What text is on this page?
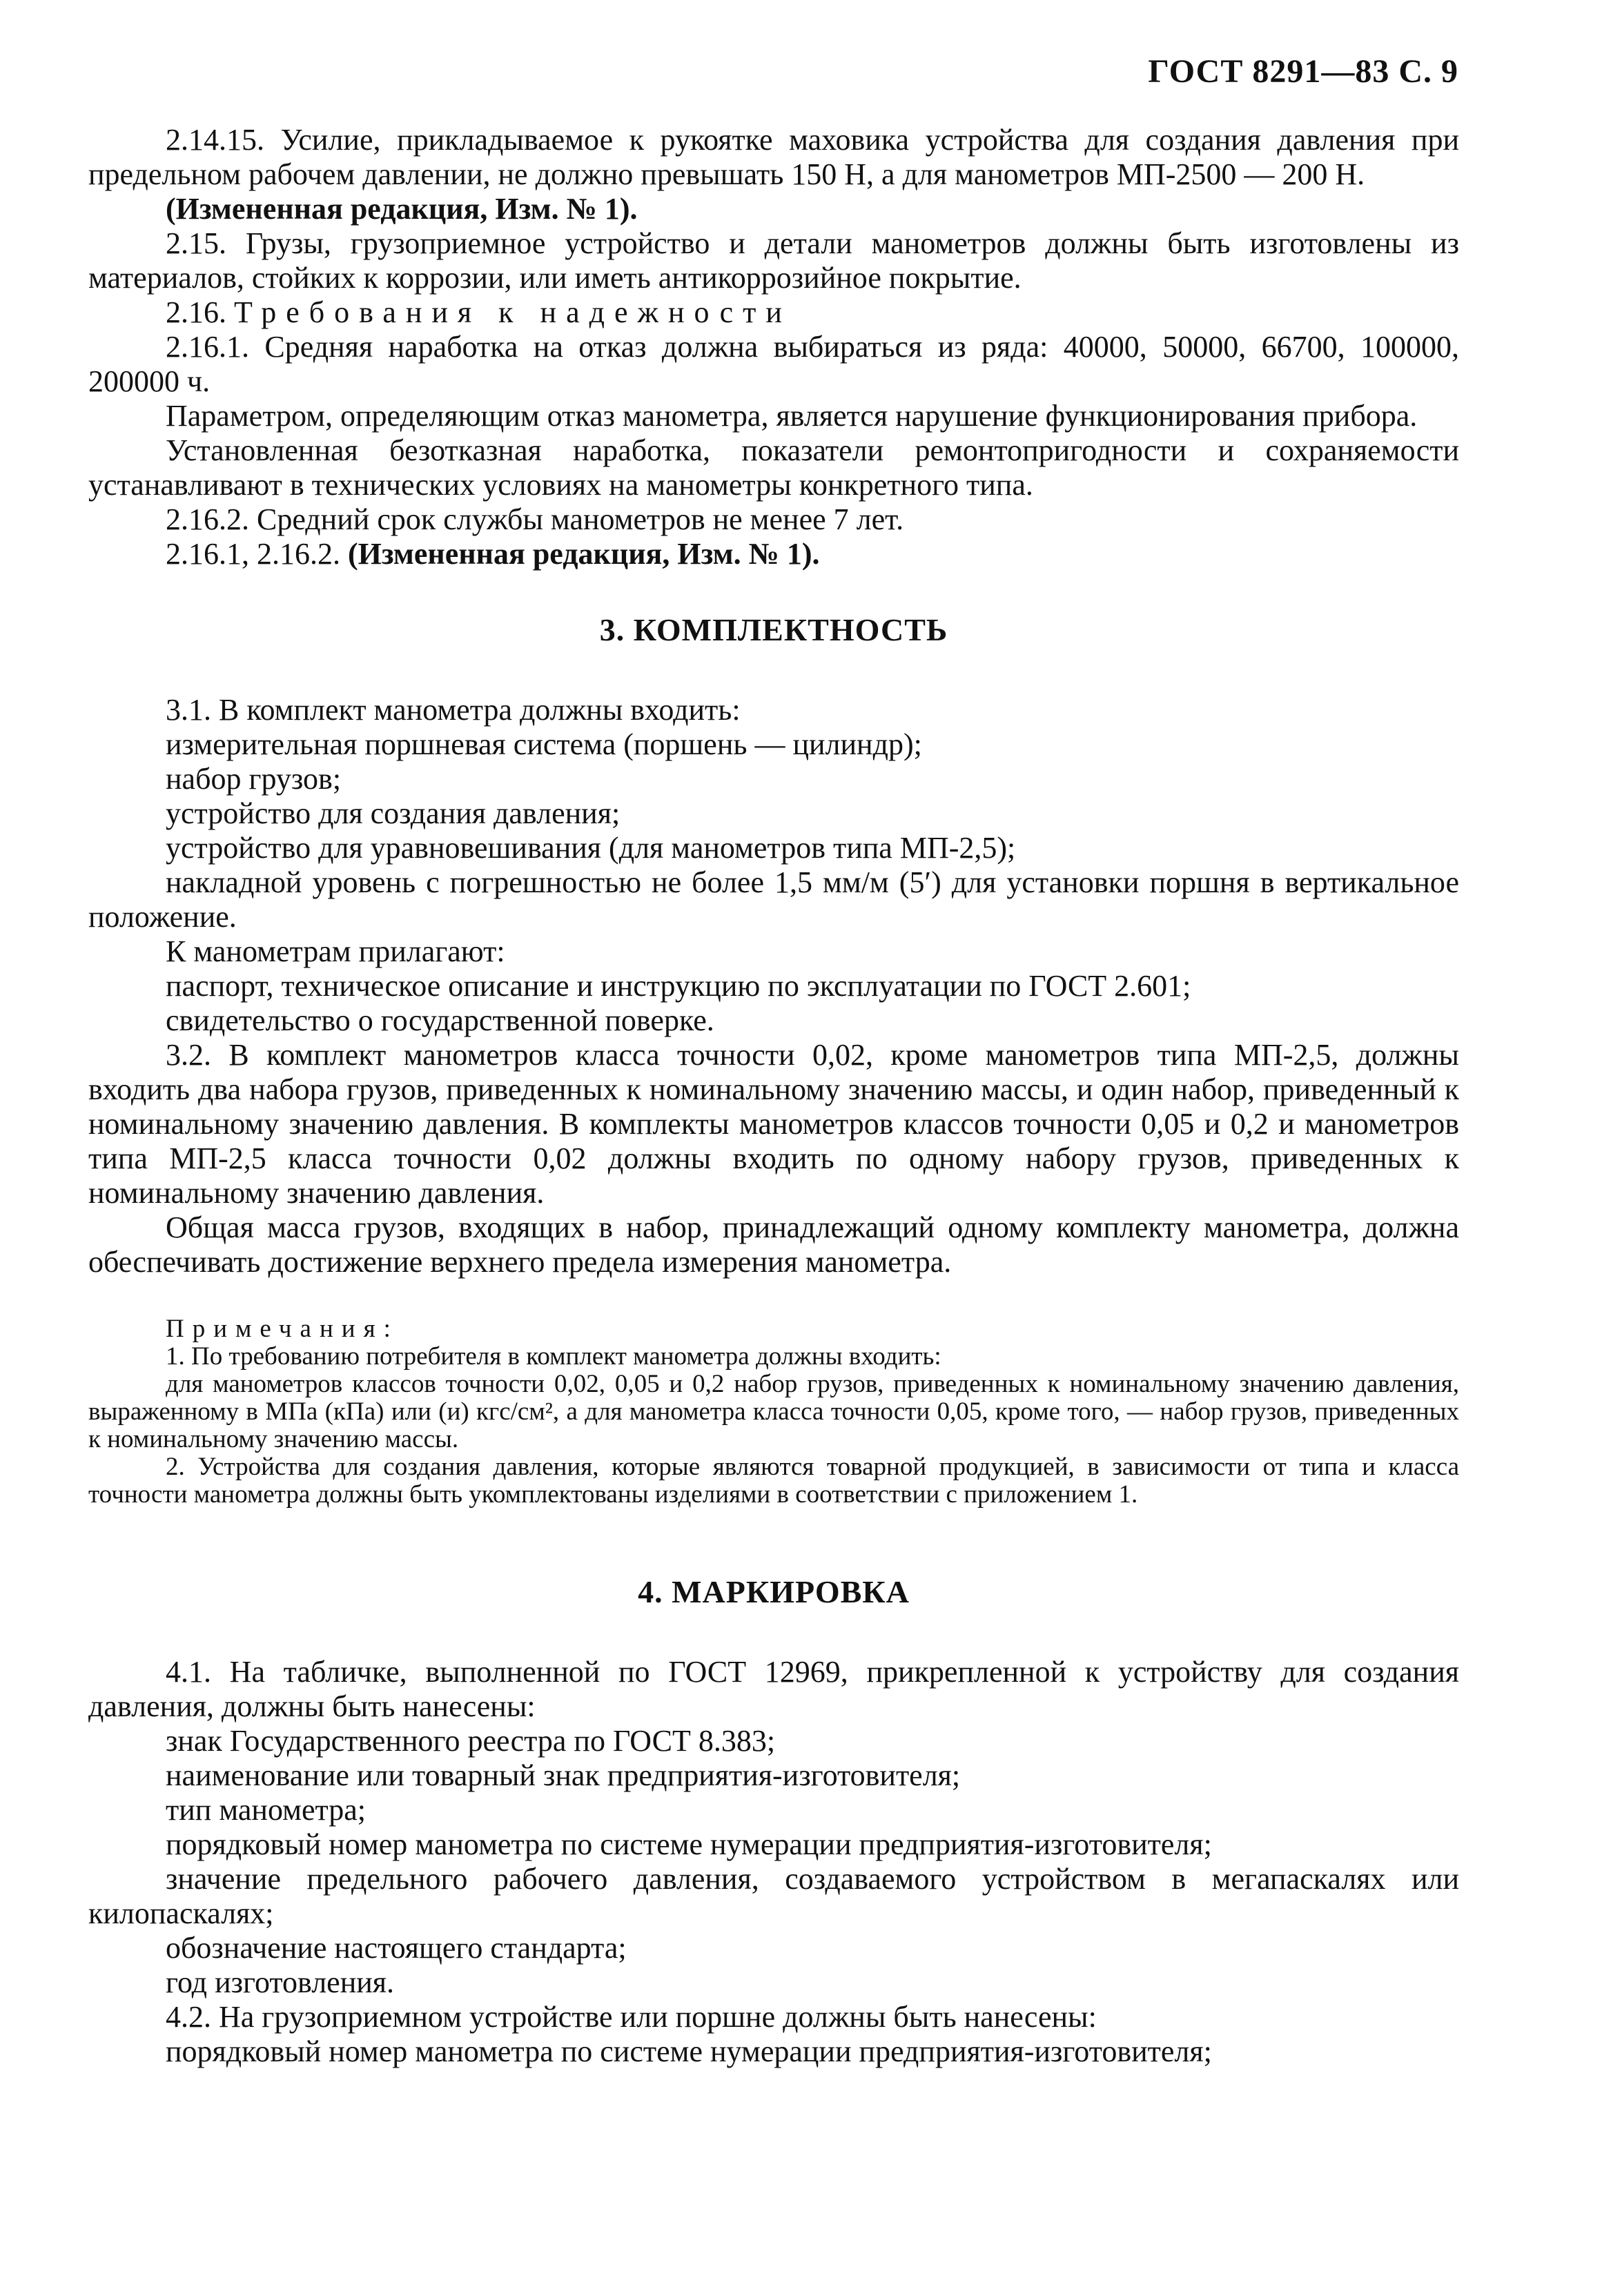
ГОСТ 8291—83 С. 9

2.14.15. Усилие, прикладываемое к рукоятке маховика устройства для создания давления при предельном рабочем давлении, не должно превышать 150 Н, а для манометров МП-2500 — 200 Н.

(Измененная редакция, Изм. № 1).

2.15. Грузы, грузоприемное устройство и детали манометров должны быть изготовлены из материалов, стойких к коррозии, или иметь антикоррозийное покрытие.

2.16. Требования к надежности

2.16.1. Средняя наработка на отказ должна выбираться из ряда: 40000, 50000, 66700, 100000, 200000 ч.

Параметром, определяющим отказ манометра, является нарушение функционирования прибора.

Установленная безотказная наработка, показатели ремонтопригодности и сохраняемости устанавливают в технических условиях на манометры конкретного типа.

2.16.2. Средний срок службы манометров не менее 7 лет.

2.16.1, 2.16.2. (Измененная редакция, Изм. № 1).

3. КОМПЛЕКТНОСТЬ

3.1. В комплект манометра должны входить:

измерительная поршневая система (поршень — цилиндр);

набор грузов;

устройство для создания давления;

устройство для уравновешивания (для манометров типа МП-2,5);

накладной уровень с погрешностью не более 1,5 мм/м (5′) для установки поршня в вертикальное положение.

К манометрам прилагают:

паспорт, техническое описание и инструкцию по эксплуатации по ГОСТ 2.601;

свидетельство о государственной поверке.

3.2. В комплект манометров класса точности 0,02, кроме манометров типа МП-2,5, должны входить два набора грузов, приведенных к номинальному значению массы, и один набор, приведенный к номинальному значению давления. В комплекты манометров классов точности 0,05 и 0,2 и манометров типа МП-2,5 класса точности 0,02 должны входить по одному набору грузов, приведенных к номинальному значению давления.

Общая масса грузов, входящих в набор, принадлежащий одному комплекту манометра, должна обеспечивать достижение верхнего предела измерения манометра.

Примечания:

1. По требованию потребителя в комплект манометра должны входить:

для манометров классов точности 0,02, 0,05 и 0,2 набор грузов, приведенных к номинальному значению давления, выраженному в МПа (кПа) или (и) кгс/см², а для манометра класса точности 0,05, кроме того, — набор грузов, приведенных к номинальному значению массы.

2. Устройства для создания давления, которые являются товарной продукцией, в зависимости от типа и класса точности манометра должны быть укомплектованы изделиями в соответствии с приложением 1.

4. МАРКИРОВКА

4.1. На табличке, выполненной по ГОСТ 12969, прикрепленной к устройству для создания давления, должны быть нанесены:

знак Государственного реестра по ГОСТ 8.383;

наименование или товарный знак предприятия-изготовителя;

тип манометра;

порядковый номер манометра по системе нумерации предприятия-изготовителя;

значение предельного рабочего давления, создаваемого устройством в мегапаскалях или килопаскалях;

обозначение настоящего стандарта;

год изготовления.

4.2. На грузоприемном устройстве или поршне должны быть нанесены:

порядковый номер манометра по системе нумерации предприятия-изготовителя;
